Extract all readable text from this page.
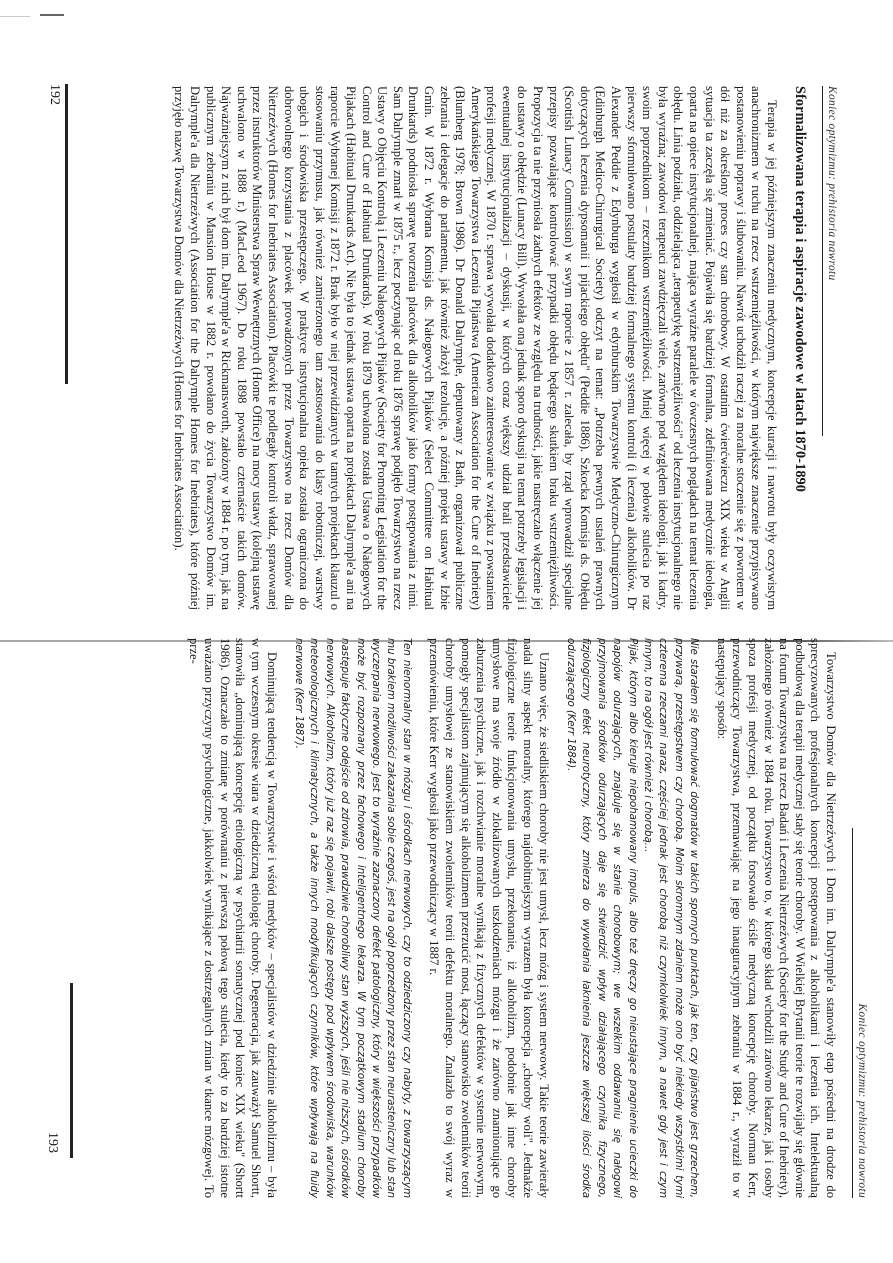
Koniec optymizmu: prehistoria nawrotu
Sformalizowana terapia i aspiracje zawodowe w latach 1870-1890

Terapia w jej późniejszym znaczeniu medycznym, koncepcje kuracji i nawrotu były oczywistym anachronizmem w ruchu na rzecz wstrzemięźliwości, w którym największe znaczenie przypisywano postanowieniu poprawy i ślubowaniu. Nawrót uchodził raczej za moralne stoczenie się z powrotem w dół niż za określony proces czy stan chorobowy. W ostatnim ćwierćwieczu XIX wieku w Anglii sytuacja ta zaczęła się zmieniać. Pojawiła się bardziej formalna, zdefiniowana medycznie ideologia, oparta na opiece instytucjonalnej, mająca wyraźne paralele w ówczesnych poglądach na temat leczenia obłędu. Linia podziału, oddzielająca „terapeutykę wstrzemięźliwości" od leczenia instytucjonalnego nie była wyraźna; zawodowi terapeuci zawdzięczali wiele, zarówno pod względem ideologii, jak i kadry, swoim poprzednikom – rzecznikom wstrzemięźliwości. Mniej więcej w połowie stulecia po raz pierwszy sformułowano postulaty bardziej formalnego systemu kontroli (i leczenia) alkoholików. Dr Alexander Peddie z Edynburga wygłosił w edynburskim Towarzystwie Medyczno-Chirurgicznym (Edinburgh Medico-Chirurgical Society) odczyt na temat: „Potrzeba pewnych ustaleń prawnych dotyczących leczenia dypsomanii i pijackiego obłędu" (Peddie 1886). Szkocka Komisja ds. Obłędu (Scottish Lunacy Commission) w swym raporcie z 1857 r. zalecała, by rząd wprowadził specjalne przepisy pozwalające kontrolować przypadki obłędu będącego skutkiem braku wstrzemięźliwości. Propozycja ta nie przyniosła żadnych efektów ze względu na trudności, jakie nastręczało włączenie jej do ustawy o obłędzie (Lunacy Bill). Wywołała ona jednak sporo dyskusji na temat potrzeby legislacji i ewentualnej instytucjonalizacji – dyskusji, w których coraz większy udział brali przedstawiciele profesji medycznej. W 1870 r. sprawa wywołała dodatkowo zainteresowanie w związku z powstaniem Amerykańskiego Towarzystwa Leczenia Pijaństwa (American Association for the Cure of Inebriety) (Blumberg 1978; Brown 1986). Dr Donald Dalrymple, deputowany z Bath, organizował publiczne zebrania i delegacje do parlamentu, jak również złożył rezolucję, a później projekt ustawy w Izbie Gmin. W 1872 r. Wybrana Komisja ds. Nałogowych Pijaków (Select Committee on Habitual Drunkards) podniosła sprawę tworzenia placówek dla alkoholików jako formy postępowania z nimi. Sam Dalrymple zmarł w 1875 r., lecz poczynając od roku 1876 sprawę podjęło Towarzystwo na rzecz Ustawy o Objęciu Kontrolą i Leczeniu Nałogowych Pijaków (Society for Promoting Legislation for the Control and Cure of Habitual Drunkards). W roku 1879 uchwalona została Ustawa o Nałogowych Pijakach (Habitual Drunkards Act). Nie była to jednak ustawa oparta na projektach Dalrymple'a ani na raporcie Wybranej Komisji z 1872 r. Brak było w niej przewidzianych w tamtych projektach klauzul o stosowaniu przymusu, jak również zamierzonego tam zastosowania do klasy robotniczej, warstwy ubogich i środowiska przestępczego. W praktyce instytucjonalna opieka została ograniczona do dobrowolnego korzystania z placówek prowadzonych przez Towarzystwo na rzecz Domów dla Nietrzeźwych (Homes for Inebriates Association). Placówki te podlegały kontroli władz, sprawowanej przez instruktorów Ministerstwa Spraw Wewnętrznych (Home Office) na mocy ustawy (kolejną ustawę uchwalono w 1888 r.) (MacLeod 1967). Do roku 1898 powstało czternaście takich domów. Najważniejszym z nich był dom im. Dalrymple'a w Rickmansworth, założony w 1884 r. po tym, jak na publicznym zebraniu w Mansion House w 1882 r. powołano do życia Towarzystwo Domów im. Dalrymple'a dla Nietrzeźwych (Association for the Dalrymple Homes for Inebriates), które później przyjęło nazwę Towarzystwa Domów dla Nietrzeźwych (Homes for Inebriates Association).

192
Koniec optymizmu: prehistoria nawrotu

Towarzystwo Domów dla Nietrzeźwych i Dom im. Dalrymple'a stanowiły etap pośredni na drodze do sprecyzowanych profesjonalnych koncepcji postępowania z alkoholikami i leczenia ich. Intelektualną podbudową dla terapii medycznej stały się teorie choroby. W Wielkiej Brytanii teorie te rozwijały się głównie na forum Towarzystwa na rzecz Badań i Leczenia Nietrzeźwych (Society for the Study and Cure of Inebriety), założonego również w 1884 roku. Towarzystwo to, w którego skład wchodzili zarówno lekarze, jak i osoby spoza profesji medycznej, od początku forsowało ściśle medyczną koncepcję choroby. Norman Kerr, przewodniczący Towarzystwa, przemawiając na jego inauguracyjnym zebraniu w 1884 r., wyraził to w następujący sposób:

Nie starałem się formułować dogmatów w takich spornych punktach, jak ten, czy pijaństwo jest grzechem, przywarą, przestępstwem czy chorobą. Moim skromnym zdaniem może ono być niekiedy wszystkimi tymi czterema rzeczami naraz, częściej jednak jest chorobą niż czymkolwiek innym, a nawet gdy jest i czym innym, to na ogół jest również i chorobą...

Pijak, którym albo kieruje niepohamowany impuls, albo też dręczy go nieustające pragnienie ucieczki do napojów odurzających, znajduje się w stanie chorobowym; we wszelkim oddawaniu się nałogowi przyjmowania środków odurzających daje się stwierdzić wpływ działającego czynnika fizycznego, fizjologiczny efekt neurotyczny, który zmierza do wywołania łaknienia jeszcze większej ilości środka odurzającego (Kerr 1884).

Uznano więc, że siedliskiem choroby nie jest umysł, lecz mózg i system nerwowy. Takie teorie zawierały nadal silny aspekt moralny, którego najdobitniejszym wyrazem była koncepcja „choroby woli". Jednakże fizjologiczne teorie funkcjonowania umysłu, przekonanie, iż alkoholizm, podobnie jak inne choroby umysłowe ma swoje źródło w zlokalizowanych uszkodzeniach mózgu i że zarówno znamionujące go zaburzenia psychiczne, jak i rozchwianie moralne wynikają z fizycznych defektów w systemie nerwowym, pomogły specjalistom zajmującym się alkoholizmem przerzucić most, łączący stanowisko zwolenników teorii choroby umysłowej ze stanowiskiem zwolenników teorii defektu moralnego. Znalazło to swój wyraz w przemówieniu, które Kerr wygłosił jako przewodniczący w 1887 r.

Ten nienormalny stan w mózgu i ośrodkach nerwowych, czy to odziedziczony czy nabyty, z towarzyszącym mu brakiem możliwości zakazania sobie czegoś, jest na ogół poprzedzony przez stan neurasteniczny lub stan wyczerpania nerwowego. Jest to wyraźnie zaznaczony defekt patologiczny, który w większości przypadków może być rozpoznany przez fachowego i inteligentnego lekarza. W tym początkowym stadium choroby następuje faktyczne odejście od zdrowia, prawdziwie chorobliwy stan wyższych, jeśli nie niższych, ośrodków nerwowych. Alkoholizm, który już raz się pojawił, robi dalsze postępy pod wpływem środowiska, warunków meteorologicznych i klimatycznych, a także innych modyfikujących czynników, które wpływają na fluidy nerwowe (Kerr 1887).

Dominującą tendencją w Towarzystwie i wśród medyków – specjalistów w dziedzinie alkoholizmu – była w tym wczesnym okresie wiara w dziedziczną etiologię choroby. Degeneracja, jak zauważył Samuel Shortt, stanowiła „dominującą koncepcję etiologiczną w psychiatrii somatycznej pod koniec XIX wieku" (Shortt 1986). Oznaczało to zmianę w porównaniu z pierwszą połową tego stulecia, kiedy to za bardziej istotne uważano przyczyny psychologiczne, jakkolwiek wynikające z dostrzegalnych zmian w tkance mózgowej. To prze-

193
